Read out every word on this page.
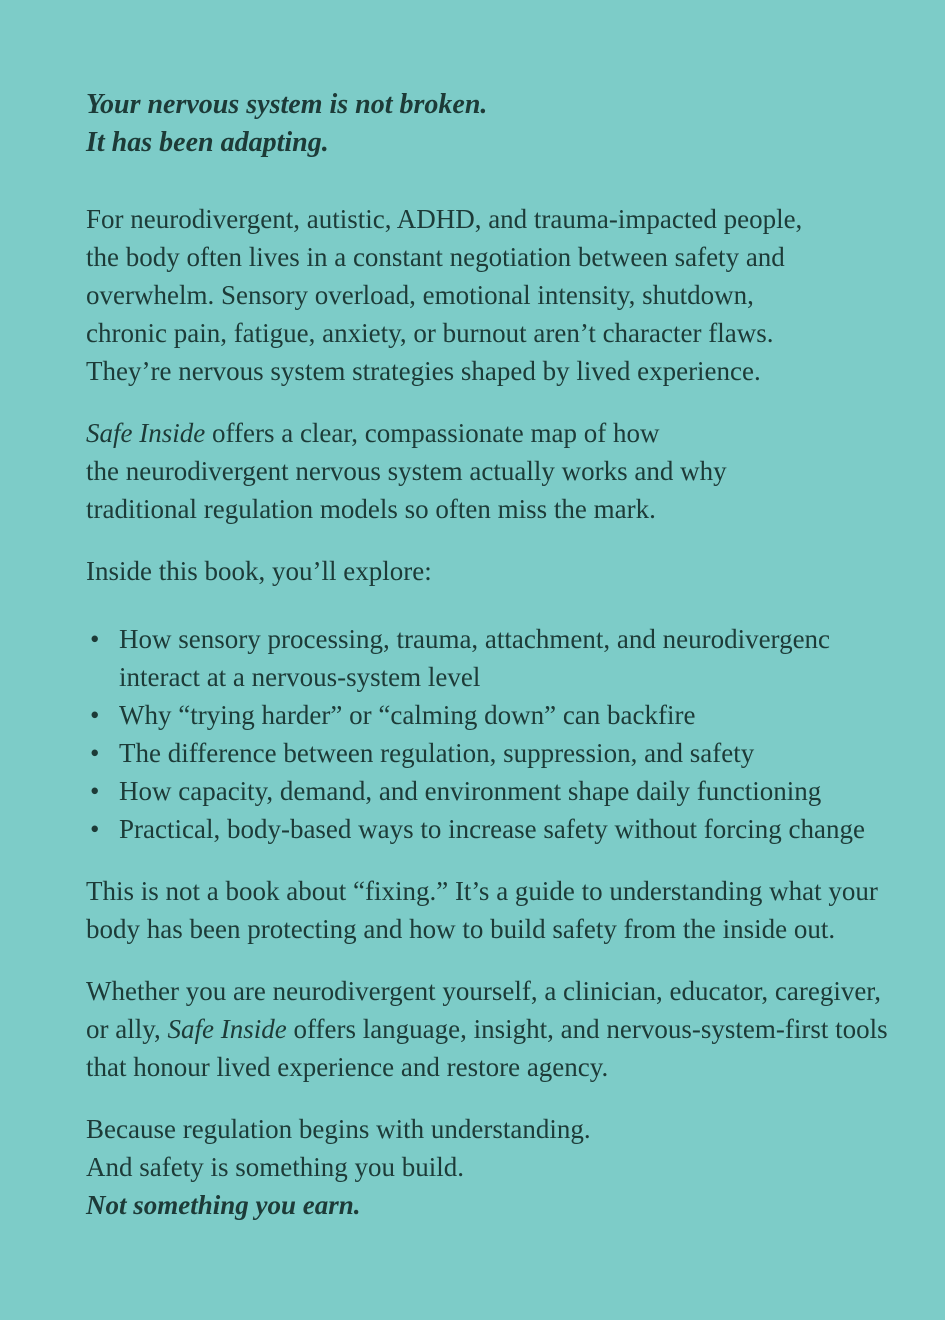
Your nervous system is not broken.
It has been adapting.

For neurodivergent, autistic, ADHD, and trauma-impacted people,
the body often lives in a constant negotiation between safety and
overwhelm. Sensory overload, emotional intensity, shutdown,
chronic pain, fatigue, anxiety, or burnout aren’t character flaws.
They’re nervous system strategies shaped by lived experience.

Safe Inside offers a clear, compassionate map of how
the neurodivergent nervous system actually works and why
traditional regulation models so often miss the mark.

Inside this book, you’ll explore:

• How sensory processing, trauma, attachment, and neurodivergenc interact at a nervous-system level
• Why “trying harder” or “calming down” can backfire
• The difference between regulation, suppression, and safety
• How capacity, demand, and environment shape daily functioning
• Practical, body-based ways to increase safety without forcing change

This is not a book about “fixing.” It’s a guide to understanding what your body has been protecting and how to build safety from the inside out.

Whether you are neurodivergent yourself, a clinician, educator, caregiver,
or ally, Safe Inside offers language, insight, and nervous-system-first tools
that honour lived experience and restore agency.

Because regulation begins with understanding.
And safety is something you build.
Not something you earn.
